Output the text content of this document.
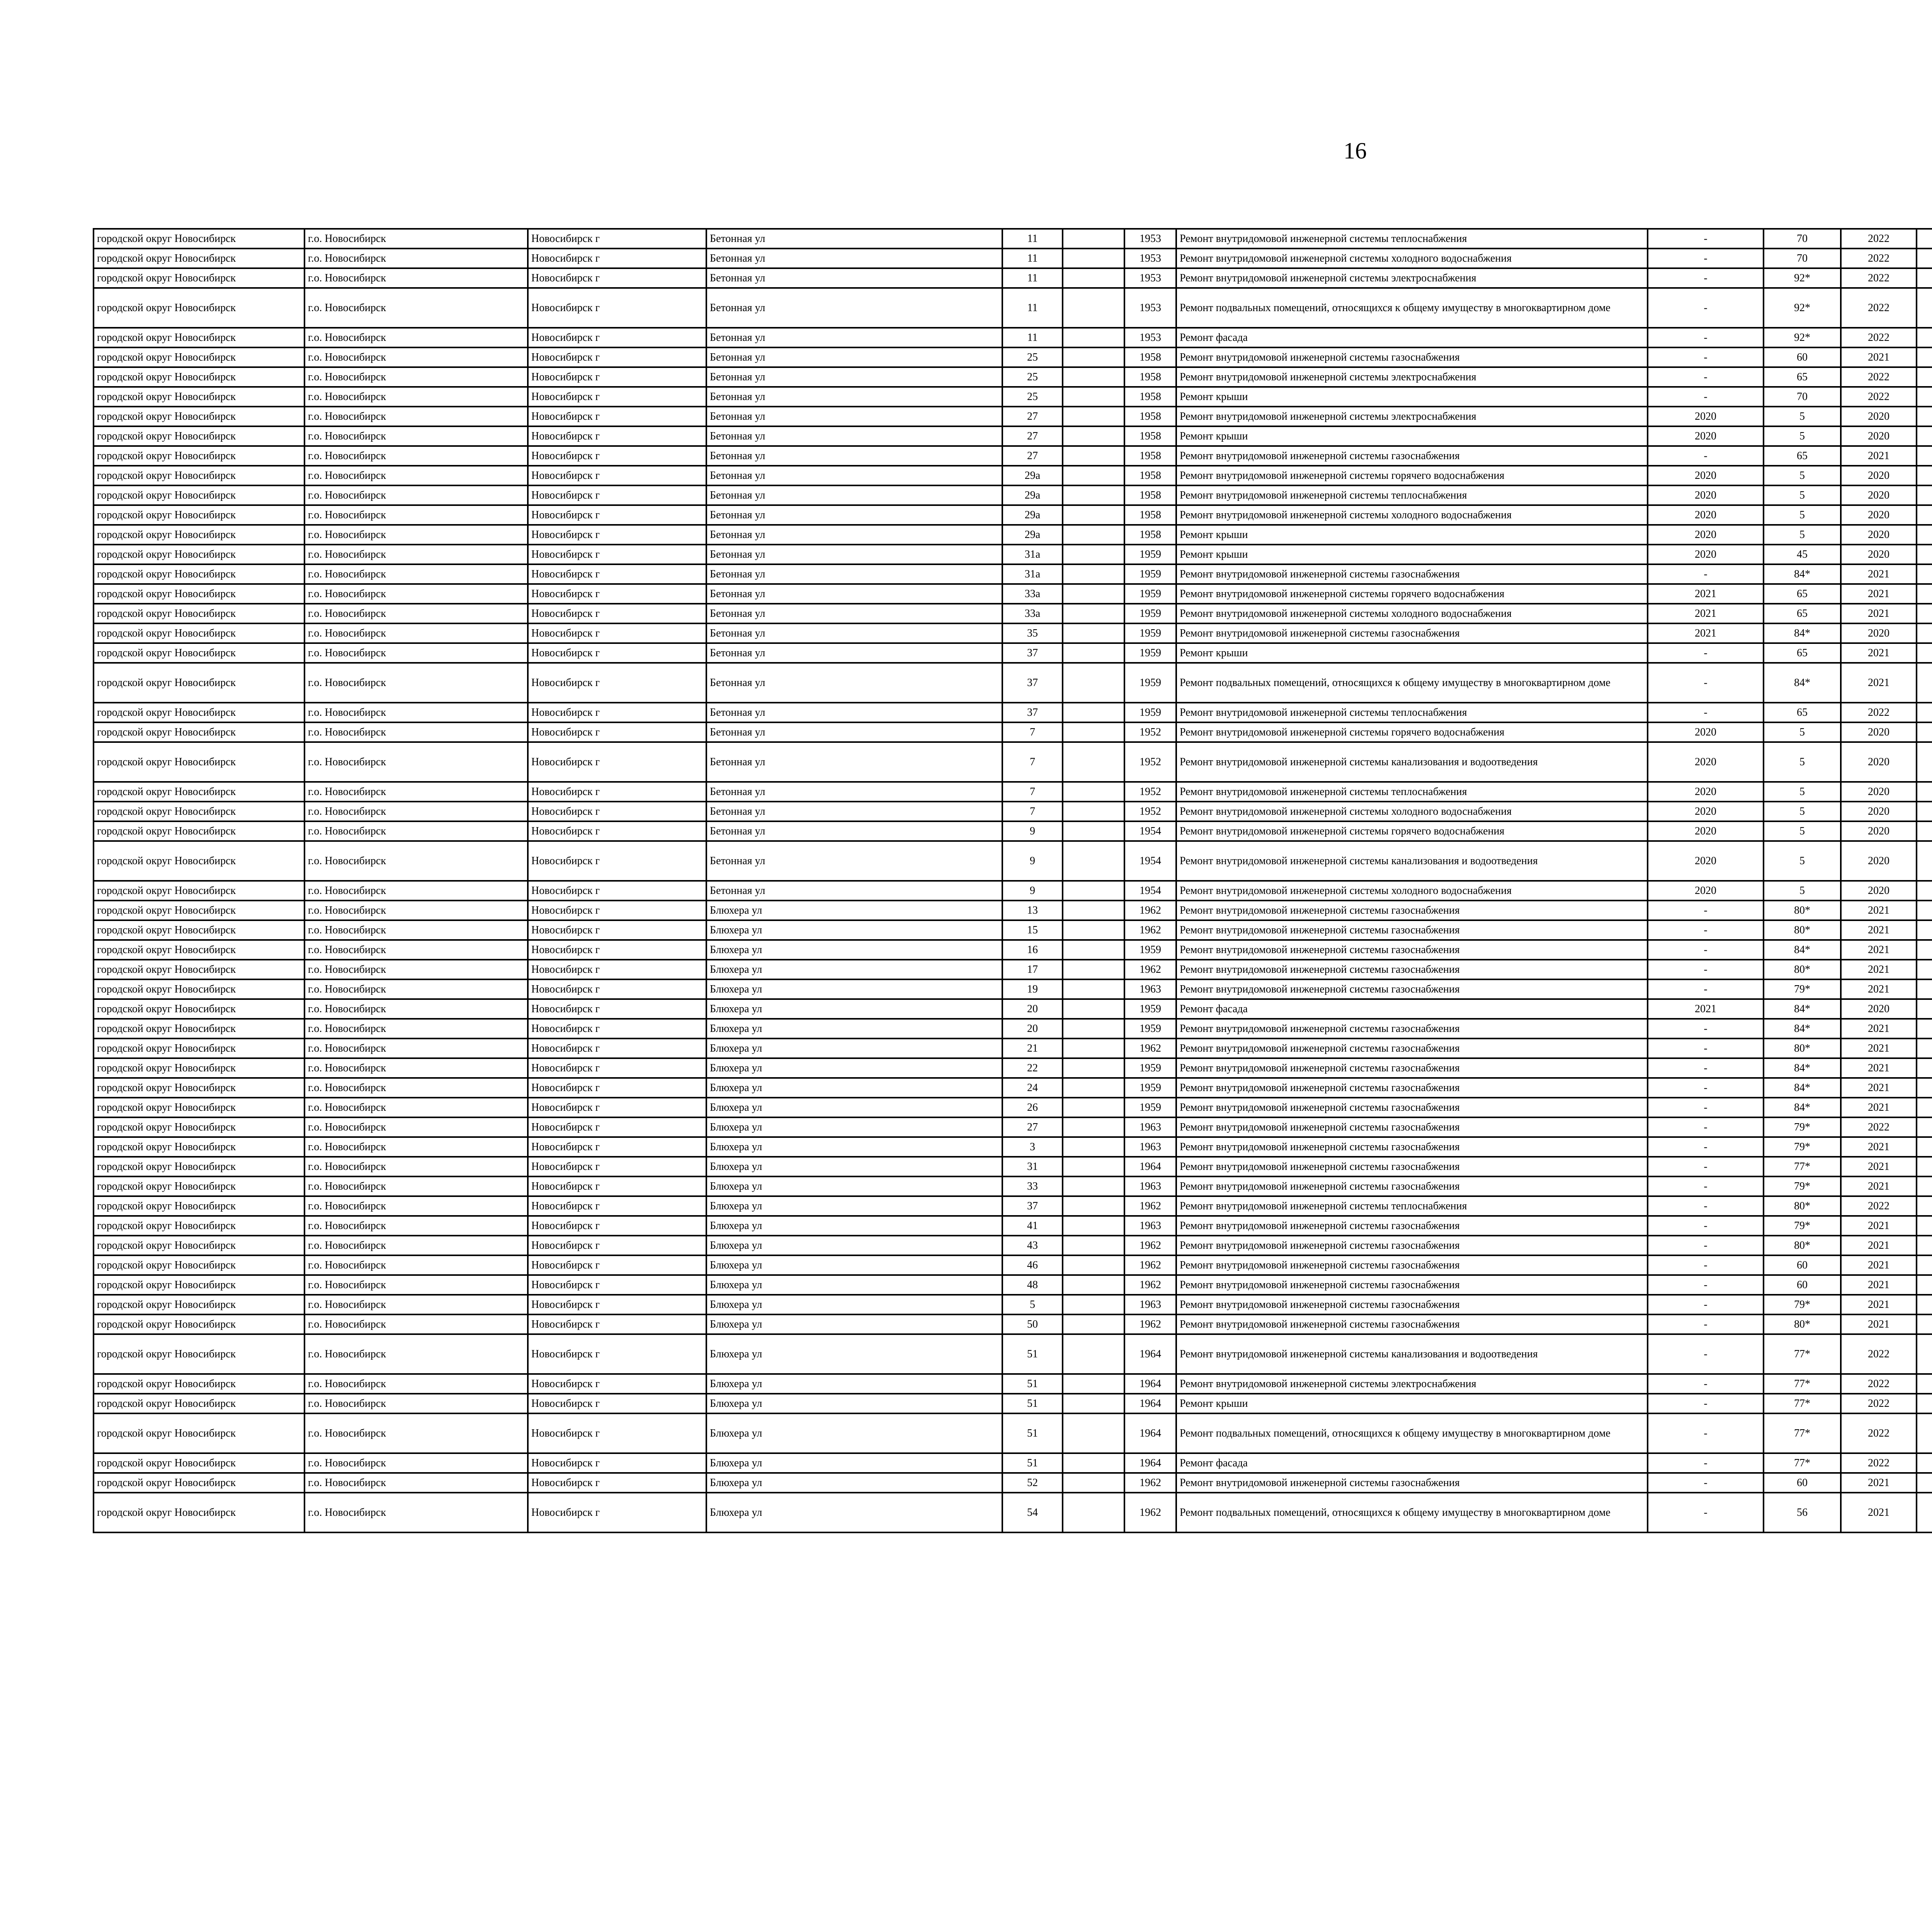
16
городской округ Новосибирск	г.о. Новосибирск	Новосибирск г	Бетонная ул	11		1953	Ремонт внутридомовой инженерной системы теплоснабжения	-	70	2022						
городской округ Новосибирск	г.о. Новосибирск	Новосибирск г	Бетонная ул	11		1953	Ремонт внутридомовой инженерной системы холодного водоснабжения	-	70	2022						
городской округ Новосибирск	г.о. Новосибирск	Новосибирск г	Бетонная ул	11		1953	Ремонт внутридомовой инженерной системы электроснабжения	-	92*	2022						
городской округ Новосибирск	г.о. Новосибирск	Новосибирск г	Бетонная ул	11		1953	Ремонт подвальных помещений, относящихся к общему имуществу в многоквартирном доме	-	92*	2022						
городской округ Новосибирск	г.о. Новосибирск	Новосибирск г	Бетонная ул	11		1953	Ремонт фасада	-	92*	2022						
городской округ Новосибирск	г.о. Новосибирск	Новосибирск г	Бетонная ул	25		1958	Ремонт внутридомовой инженерной системы газоснабжения	-	60	2021						
городской округ Новосибирск	г.о. Новосибирск	Новосибирск г	Бетонная ул	25		1958	Ремонт внутридомовой инженерной системы электроснабжения	-	65	2022						
городской округ Новосибирск	г.о. Новосибирск	Новосибирск г	Бетонная ул	25		1958	Ремонт крыши	-	70	2022						
городской округ Новосибирск	г.о. Новосибирск	Новосибирск г	Бетонная ул	27		1958	Ремонт внутридомовой инженерной системы электроснабжения	2020	5	2020						
городской округ Новосибирск	г.о. Новосибирск	Новосибирск г	Бетонная ул	27		1958	Ремонт крыши	2020	5	2020						
городской округ Новосибирск	г.о. Новосибирск	Новосибирск г	Бетонная ул	27		1958	Ремонт внутридомовой инженерной системы газоснабжения	-	65	2021						
городской округ Новосибирск	г.о. Новосибирск	Новосибирск г	Бетонная ул	29а		1958	Ремонт внутридомовой инженерной системы горячего водоснабжения	2020	5	2020						
городской округ Новосибирск	г.о. Новосибирск	Новосибирск г	Бетонная ул	29а		1958	Ремонт внутридомовой инженерной системы теплоснабжения	2020	5	2020						
городской округ Новосибирск	г.о. Новосибирск	Новосибирск г	Бетонная ул	29а		1958	Ремонт внутридомовой инженерной системы холодного водоснабжения	2020	5	2020						
городской округ Новосибирск	г.о. Новосибирск	Новосибирск г	Бетонная ул	29а		1958	Ремонт крыши	2020	5	2020						
городской округ Новосибирск	г.о. Новосибирск	Новосибирск г	Бетонная ул	31а		1959	Ремонт крыши	2020	45	2020						
городской округ Новосибирск	г.о. Новосибирск	Новосибирск г	Бетонная ул	31а		1959	Ремонт внутридомовой инженерной системы газоснабжения	-	84*	2021						
городской округ Новосибирск	г.о. Новосибирск	Новосибирск г	Бетонная ул	33а		1959	Ремонт внутридомовой инженерной системы горячего водоснабжения	2021	65	2021						
городской округ Новосибирск	г.о. Новосибирск	Новосибирск г	Бетонная ул	33а		1959	Ремонт внутридомовой инженерной системы холодного водоснабжения	2021	65	2021						
городской округ Новосибирск	г.о. Новосибирск	Новосибирск г	Бетонная ул	35		1959	Ремонт внутридомовой инженерной системы газоснабжения	2021	84*	2020						
городской округ Новосибирск	г.о. Новосибирск	Новосибирск г	Бетонная ул	37		1959	Ремонт крыши	-	65	2021						
городской округ Новосибирск	г.о. Новосибирск	Новосибирск г	Бетонная ул	37		1959	Ремонт подвальных помещений, относящихся к общему имуществу в многоквартирном доме	-	84*	2021						
городской округ Новосибирск	г.о. Новосибирск	Новосибирск г	Бетонная ул	37		1959	Ремонт внутридомовой инженерной системы теплоснабжения	-	65	2022						
городской округ Новосибирск	г.о. Новосибирск	Новосибирск г	Бетонная ул	7		1952	Ремонт внутридомовой инженерной системы горячего водоснабжения	2020	5	2020						
городской округ Новосибирск	г.о. Новосибирск	Новосибирск г	Бетонная ул	7		1952	Ремонт внутридомовой инженерной системы канализования и водоотведения	2020	5	2020						
городской округ Новосибирск	г.о. Новосибирск	Новосибирск г	Бетонная ул	7		1952	Ремонт внутридомовой инженерной системы теплоснабжения	2020	5	2020						
городской округ Новосибирск	г.о. Новосибирск	Новосибирск г	Бетонная ул	7		1952	Ремонт внутридомовой инженерной системы холодного водоснабжения	2020	5	2020						
городской округ Новосибирск	г.о. Новосибирск	Новосибирск г	Бетонная ул	9		1954	Ремонт внутридомовой инженерной системы горячего водоснабжения	2020	5	2020						
городской округ Новосибирск	г.о. Новосибирск	Новосибирск г	Бетонная ул	9		1954	Ремонт внутридомовой инженерной системы канализования и водоотведения	2020	5	2020						
городской округ Новосибирск	г.о. Новосибирск	Новосибирск г	Бетонная ул	9		1954	Ремонт внутридомовой инженерной системы холодного водоснабжения	2020	5	2020						
городской округ Новосибирск	г.о. Новосибирск	Новосибирск г	Блюхера ул	13		1962	Ремонт внутридомовой инженерной системы газоснабжения	-	80*	2021						
городской округ Новосибирск	г.о. Новосибирск	Новосибирск г	Блюхера ул	15		1962	Ремонт внутридомовой инженерной системы газоснабжения	-	80*	2021						
городской округ Новосибирск	г.о. Новосибирск	Новосибирск г	Блюхера ул	16		1959	Ремонт внутридомовой инженерной системы газоснабжения	-	84*	2021						
городской округ Новосибирск	г.о. Новосибирск	Новосибирск г	Блюхера ул	17		1962	Ремонт внутридомовой инженерной системы газоснабжения	-	80*	2021						
городской округ Новосибирск	г.о. Новосибирск	Новосибирск г	Блюхера ул	19		1963	Ремонт внутридомовой инженерной системы газоснабжения	-	79*	2021						
городской округ Новосибирск	г.о. Новосибирск	Новосибирск г	Блюхера ул	20		1959	Ремонт фасада	2021	84*	2020						
городской округ Новосибирск	г.о. Новосибирск	Новосибирск г	Блюхера ул	20		1959	Ремонт внутридомовой инженерной системы газоснабжения	-	84*	2021						
городской округ Новосибирск	г.о. Новосибирск	Новосибирск г	Блюхера ул	21		1962	Ремонт внутридомовой инженерной системы газоснабжения	-	80*	2021						
городской округ Новосибирск	г.о. Новосибирск	Новосибирск г	Блюхера ул	22		1959	Ремонт внутридомовой инженерной системы газоснабжения	-	84*	2021						
городской округ Новосибирск	г.о. Новосибирск	Новосибирск г	Блюхера ул	24		1959	Ремонт внутридомовой инженерной системы газоснабжения	-	84*	2021						
городской округ Новосибирск	г.о. Новосибирск	Новосибирск г	Блюхера ул	26		1959	Ремонт внутридомовой инженерной системы газоснабжения	-	84*	2021						
городской округ Новосибирск	г.о. Новосибирск	Новосибирск г	Блюхера ул	27		1963	Ремонт внутридомовой инженерной системы газоснабжения	-	79*	2022						
городской округ Новосибирск	г.о. Новосибирск	Новосибирск г	Блюхера ул	3		1963	Ремонт внутридомовой инженерной системы газоснабжения	-	79*	2021						
городской округ Новосибирск	г.о. Новосибирск	Новосибирск г	Блюхера ул	31		1964	Ремонт внутридомовой инженерной системы газоснабжения	-	77*	2021						
городской округ Новосибирск	г.о. Новосибирск	Новосибирск г	Блюхера ул	33		1963	Ремонт внутридомовой инженерной системы газоснабжения	-	79*	2021						
городской округ Новосибирск	г.о. Новосибирск	Новосибирск г	Блюхера ул	37		1962	Ремонт внутридомовой инженерной системы теплоснабжения	-	80*	2022						
городской округ Новосибирск	г.о. Новосибирск	Новосибирск г	Блюхера ул	41		1963	Ремонт внутридомовой инженерной системы газоснабжения	-	79*	2021						
городской округ Новосибирск	г.о. Новосибирск	Новосибирск г	Блюхера ул	43		1962	Ремонт внутридомовой инженерной системы газоснабжения	-	80*	2021						
городской округ Новосибирск	г.о. Новосибирск	Новосибирск г	Блюхера ул	46		1962	Ремонт внутридомовой инженерной системы газоснабжения	-	60	2021						
городской округ Новосибирск	г.о. Новосибирск	Новосибирск г	Блюхера ул	48		1962	Ремонт внутридомовой инженерной системы газоснабжения	-	60	2021						
городской округ Новосибирск	г.о. Новосибирск	Новосибирск г	Блюхера ул	5		1963	Ремонт внутридомовой инженерной системы газоснабжения	-	79*	2021						
городской округ Новосибирск	г.о. Новосибирск	Новосибирск г	Блюхера ул	50		1962	Ремонт внутридомовой инженерной системы газоснабжения	-	80*	2021						
городской округ Новосибирск	г.о. Новосибирск	Новосибирск г	Блюхера ул	51		1964	Ремонт внутридомовой инженерной системы канализования и водоотведения	-	77*	2022						
городской округ Новосибирск	г.о. Новосибирск	Новосибирск г	Блюхера ул	51		1964	Ремонт внутридомовой инженерной системы электроснабжения	-	77*	2022						
городской округ Новосибирск	г.о. Новосибирск	Новосибирск г	Блюхера ул	51		1964	Ремонт крыши	-	77*	2022						
городской округ Новосибирск	г.о. Новосибирск	Новосибирск г	Блюхера ул	51		1964	Ремонт подвальных помещений, относящихся к общему имуществу в многоквартирном доме	-	77*	2022						
городской округ Новосибирск	г.о. Новосибирск	Новосибирск г	Блюхера ул	51		1964	Ремонт фасада	-	77*	2022						
городской округ Новосибирск	г.о. Новосибирск	Новосибирск г	Блюхера ул	52		1962	Ремонт внутридомовой инженерной системы газоснабжения	-	60	2021						
городской округ Новосибирск	г.о. Новосибирск	Новосибирск г	Блюхера ул	54		1962	Ремонт подвальных помещений, относящихся к общему имуществу в многоквартирном доме	-	56	2021						
